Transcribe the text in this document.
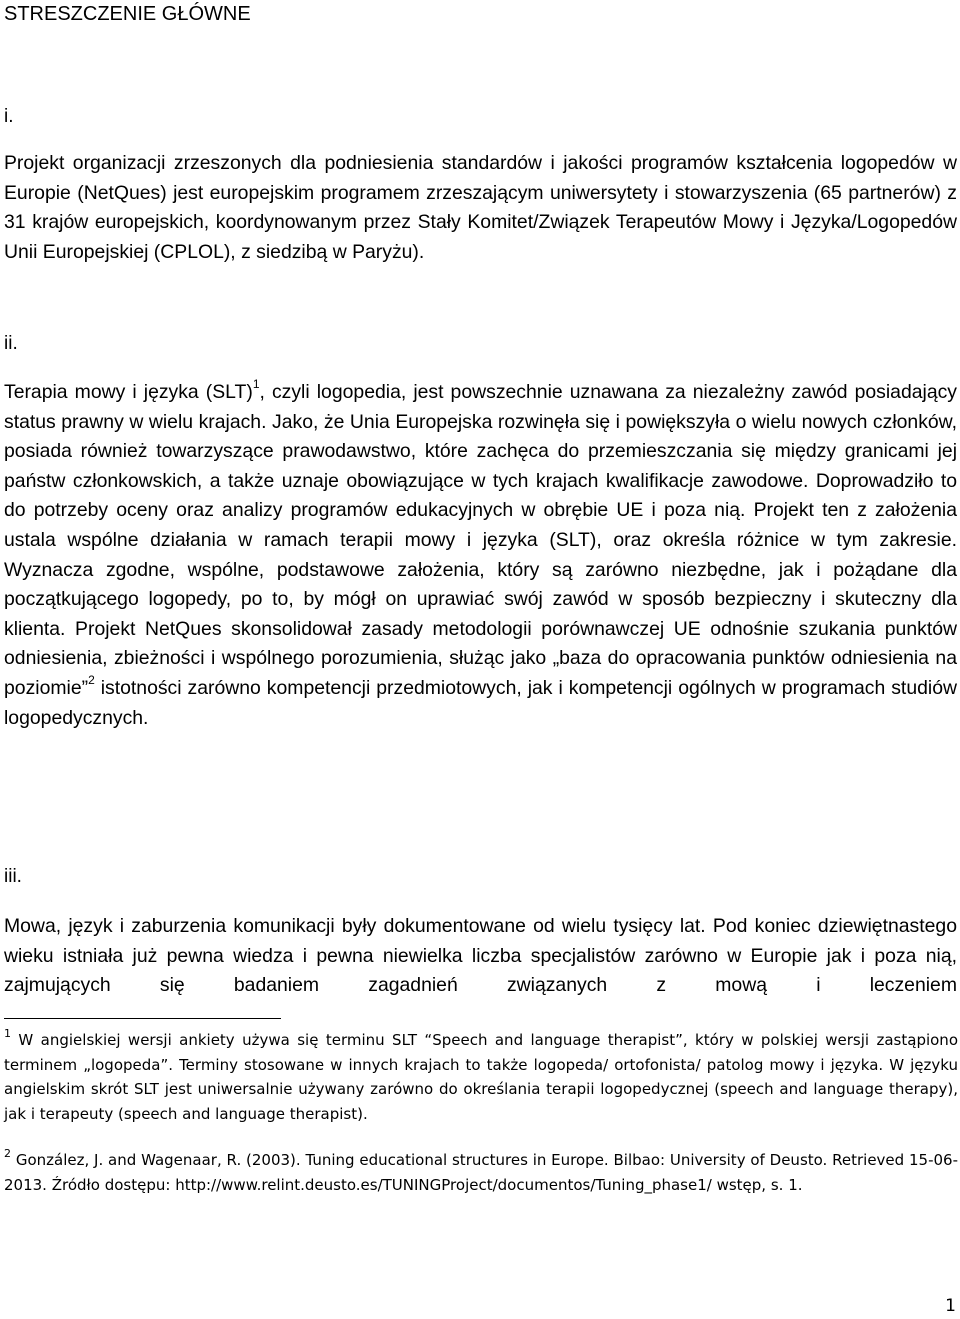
STRESZCZENIE GŁÓWNE
i.

Projekt organizacji zrzeszonych dla podniesienia standardów i jakości programów kształcenia logopedów w Europie (NetQues) jest europejskim programem zrzeszającym uniwersytety i stowarzyszenia (65 partnerów) z 31 krajów europejskich, koordynowanym przez Stały Komitet/Związek Terapeutów Mowy i Języka/Logopedów Unii Europejskiej (CPLOL), z siedzibą w Paryżu).

ii.

Terapia mowy i języka (SLT)$^1$, czyli logopedia, jest powszechnie uznawana za niezależny zawód posiadający status prawny w wielu krajach. Jako, że Unia Europejska rozwinęła się i powiększyła o wielu nowych członków, posiada również towarzyszące prawodawstwo, które zachęca do przemieszczania się między granicami jej państw członkowskich, a także uznaje obowiązujące w tych krajach kwalifikacje zawodowe. Doprowadziło to do potrzeby oceny oraz analizy programów edukacyjnych w obrębie UE i poza nią. Projekt ten z założenia ustala wspólne działania w ramach terapii mowy i języka (SLT), oraz określa różnice w tym zakresie. Wyznacza zgodne, wspólne, podstawowe założenia, który są zarówno niezbędne, jak i pożądane dla początkującego logopedy, po to, by mógł on uprawiać swój zawód w sposób bezpieczny i skuteczny dla klienta. Projekt NetQues skonsolidował zasady metodologii porównawczej UE odnośnie szukania punktów odniesienia, zbieżności i wspólnego porozumienia, służąc jako „baza do opracowania punktów odniesienia na poziomie”$^2$ istotności zarówno kompetencji przedmiotowych, jak i kompetencji ogólnych w programach studiów logopedycznych.

iii.

Mowa, język i zaburzenia komunikacji były dokumentowane od wielu tysięcy lat. Pod koniec dziewiętnastego wieku istniała już pewna wiedza i pewna niewielka liczba specjalistów zarówno w Europie jak i poza nią, zajmujących się badaniem zagadnień związanych z mową i leczeniem

$^1$ W angielskiej wersji ankiety używa się terminu SLT “Speech and language therapist”, który w polskiej wersji zastąpiono terminem „logopeda”. Terminy stosowane w innych krajach to także logopeda/ ortofonista/ patolog mowy i języka. W języku angielskim skrót SLT jest uniwersalnie używany zarówno do określania terapii logopedycznej (speech and language therapy), jak i terapeuty (speech and language therapist).

$^2$ González, J. and Wagenaar, R. (2003). Tuning educational structures in Europe. Bilbao: University of Deusto. Retrieved 15-06-2013. Źródło dostępu: http://www.relint.deusto.es/TUNINGProject/documentos/Tuning_phase1/ wstęp, s. 1.

1
